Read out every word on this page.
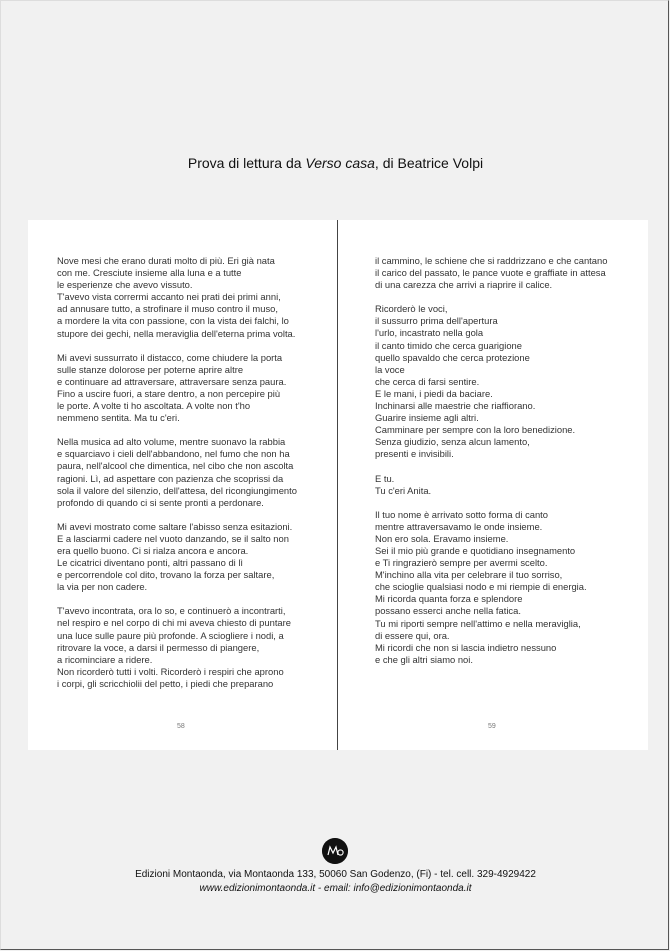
Prova di lettura da Verso casa, di Beatrice Volpi

Nove mesi che erano durati molto di più. Eri già nata
con me. Cresciute insieme alla luna e a tutte
le esperienze che avevo vissuto.
T'avevo vista corrermi accanto nei prati dei primi anni,
ad annusare tutto, a strofinare il muso contro il muso,
a mordere la vita con passione, con la vista dei falchi, lo
stupore dei gechi, nella meraviglia dell'eterna prima volta.

Mi avevi sussurrato il distacco, come chiudere la porta
sulle stanze dolorose per poterne aprire altre
e continuare ad attraversare, attraversare senza paura.
Fino a uscire fuori, a stare dentro, a non percepire più
le porte. A volte ti ho ascoltata. A volte non t'ho
nemmeno sentita. Ma tu c'eri.

Nella musica ad alto volume, mentre suonavo la rabbia
e squarciavo i cieli dell'abbandono, nel fumo che non ha
paura, nell'alcool che dimentica, nel cibo che non ascolta
ragioni. Lì, ad aspettare con pazienza che scoprissi da
sola il valore del silenzio, dell'attesa, del ricongiungimento
profondo di quando ci si sente pronti a perdonare.

Mi avevi mostrato come saltare l'abisso senza esitazioni.
E a lasciarmi cadere nel vuoto danzando, se il salto non
era quello buono. Ci si rialza ancora e ancora.
Le cicatrici diventano ponti, altri passano di lì
e percorrendole col dito, trovano la forza per saltare,
la via per non cadere.

T'avevo incontrata, ora lo so, e continuerò a incontrarti,
nel respiro e nel corpo di chi mi aveva chiesto di puntare
una luce sulle paure più profonde. A sciogliere i nodi, a
ritrovare la voce, a darsi il permesso di piangere,
a ricominciare a ridere.
Non ricorderò tutti i volti. Ricorderò i respiri che aprono
i corpi, gli scricchiolii del petto, i piedi che preparano

il cammino, le schiene che si raddrizzano e che cantano
il carico del passato, le pance vuote e graffiate in attesa
di una carezza che arrivi a riaprire il calice.

Ricorderò le voci,
il sussurro prima dell'apertura
l'urlo, incastrato nella gola
il canto timido che cerca guarigione
quello spavaldo che cerca protezione
la voce
che cerca di farsi sentire.
E le mani, i piedi da baciare.
Inchinarsi alle maestrie che riaffiorano.
Guarire insieme agli altri.
Camminare per sempre con la loro benedizione.
Senza giudizio, senza alcun lamento,
presenti e invisibili.

E tu.
Tu c'eri Anita.

Il tuo nome è arrivato sotto forma di canto
mentre attraversavamo le onde insieme.
Non ero sola. Eravamo insieme.
Sei il mio più grande e quotidiano insegnamento
e Ti ringrazierò sempre per avermi scelto.
M'inchino alla vita per celebrare il tuo sorriso,
che scioglie qualsiasi nodo e mi riempie di energia.
Mi ricorda quanta forza e splendore
possano esserci anche nella fatica.
Tu mi riporti sempre nell'attimo e nella meraviglia,
di essere qui, ora.
Mi ricordi che non si lascia indietro nessuno
e che gli altri siamo noi.

58	59
Edizioni Montaonda, via Montaonda 133, 50060 San Godenzo, (Fi) - tel. cell. 329-4929422
www.edizionimontaonda.it - email: info@edizionimontaonda.it
